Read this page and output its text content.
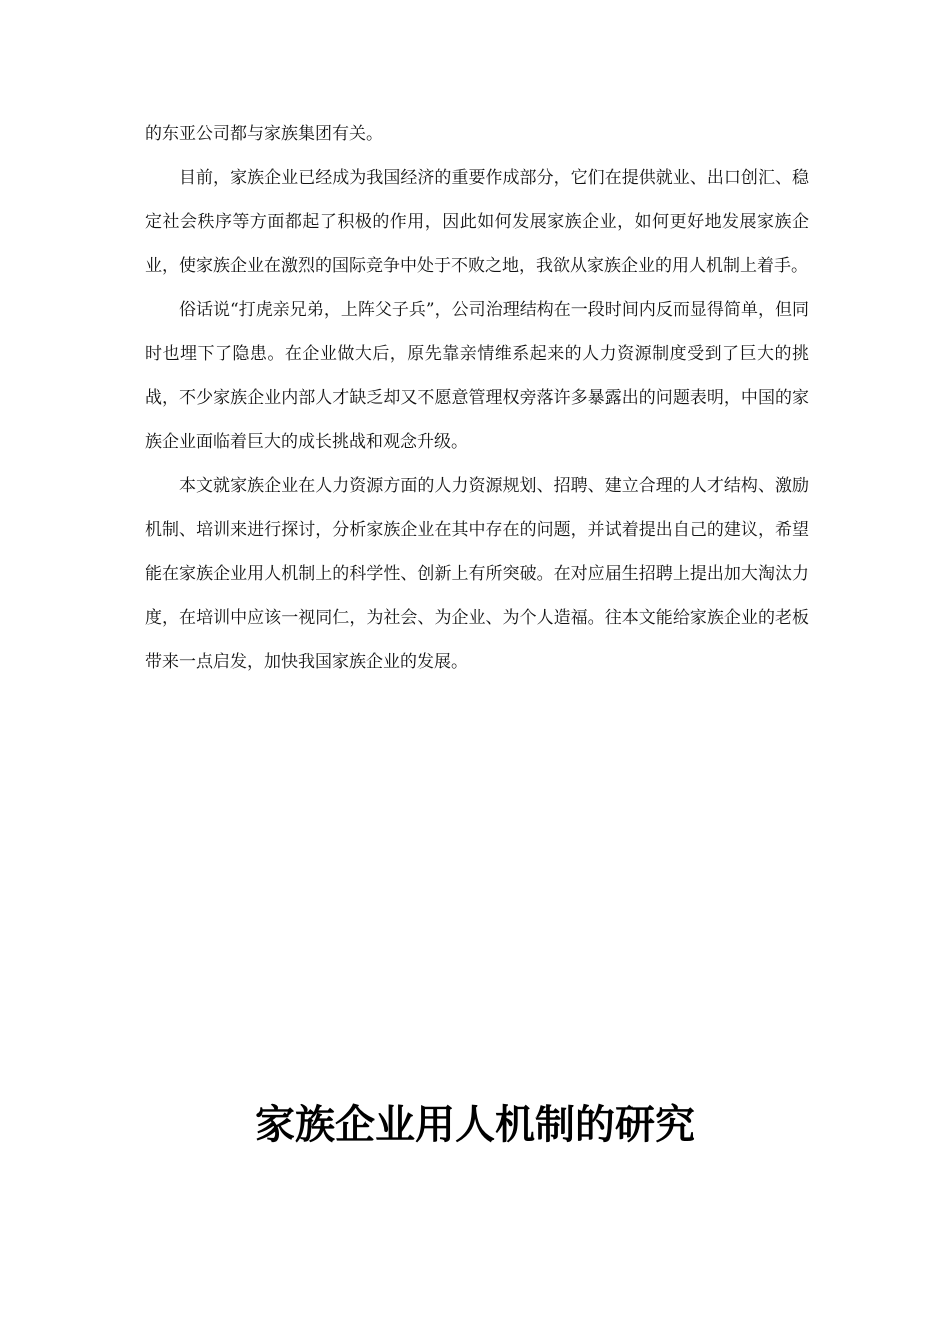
的东亚公司都与家族集团有关。

目前，家族企业已经成为我国经济的重要作成部分，它们在提供就业、出口创汇、稳定社会秩序等方面都起了积极的作用，因此如何发展家族企业，如何更好地发展家族企业，使家族企业在激烈的国际竞争中处于不败之地，我欲从家族企业的用人机制上着手。

俗话说“打虎亲兄弟，上阵父子兵”，公司治理结构在一段时间内反而显得简单，但同时也埋下了隐患。在企业做大后，原先靠亲情维系起来的人力资源制度受到了巨大的挑战，不少家族企业内部人才缺乏却又不愿意管理权旁落许多暴露出的问题表明，中国的家族企业面临着巨大的成长挑战和观念升级。

本文就家族企业在人力资源方面的人力资源规划、招聘、建立合理的人才结构、激励机制、培训来进行探讨，分析家族企业在其中存在的问题，并试着提出自己的建议，希望能在家族企业用人机制上的科学性、创新上有所突破。在对应届生招聘上提出加大淘汰力度，在培训中应该一视同仁，为社会、为企业、为个人造福。往本文能给家族企业的老板带来一点启发，加快我国家族企业的发展。

家族企业用人机制的研究
